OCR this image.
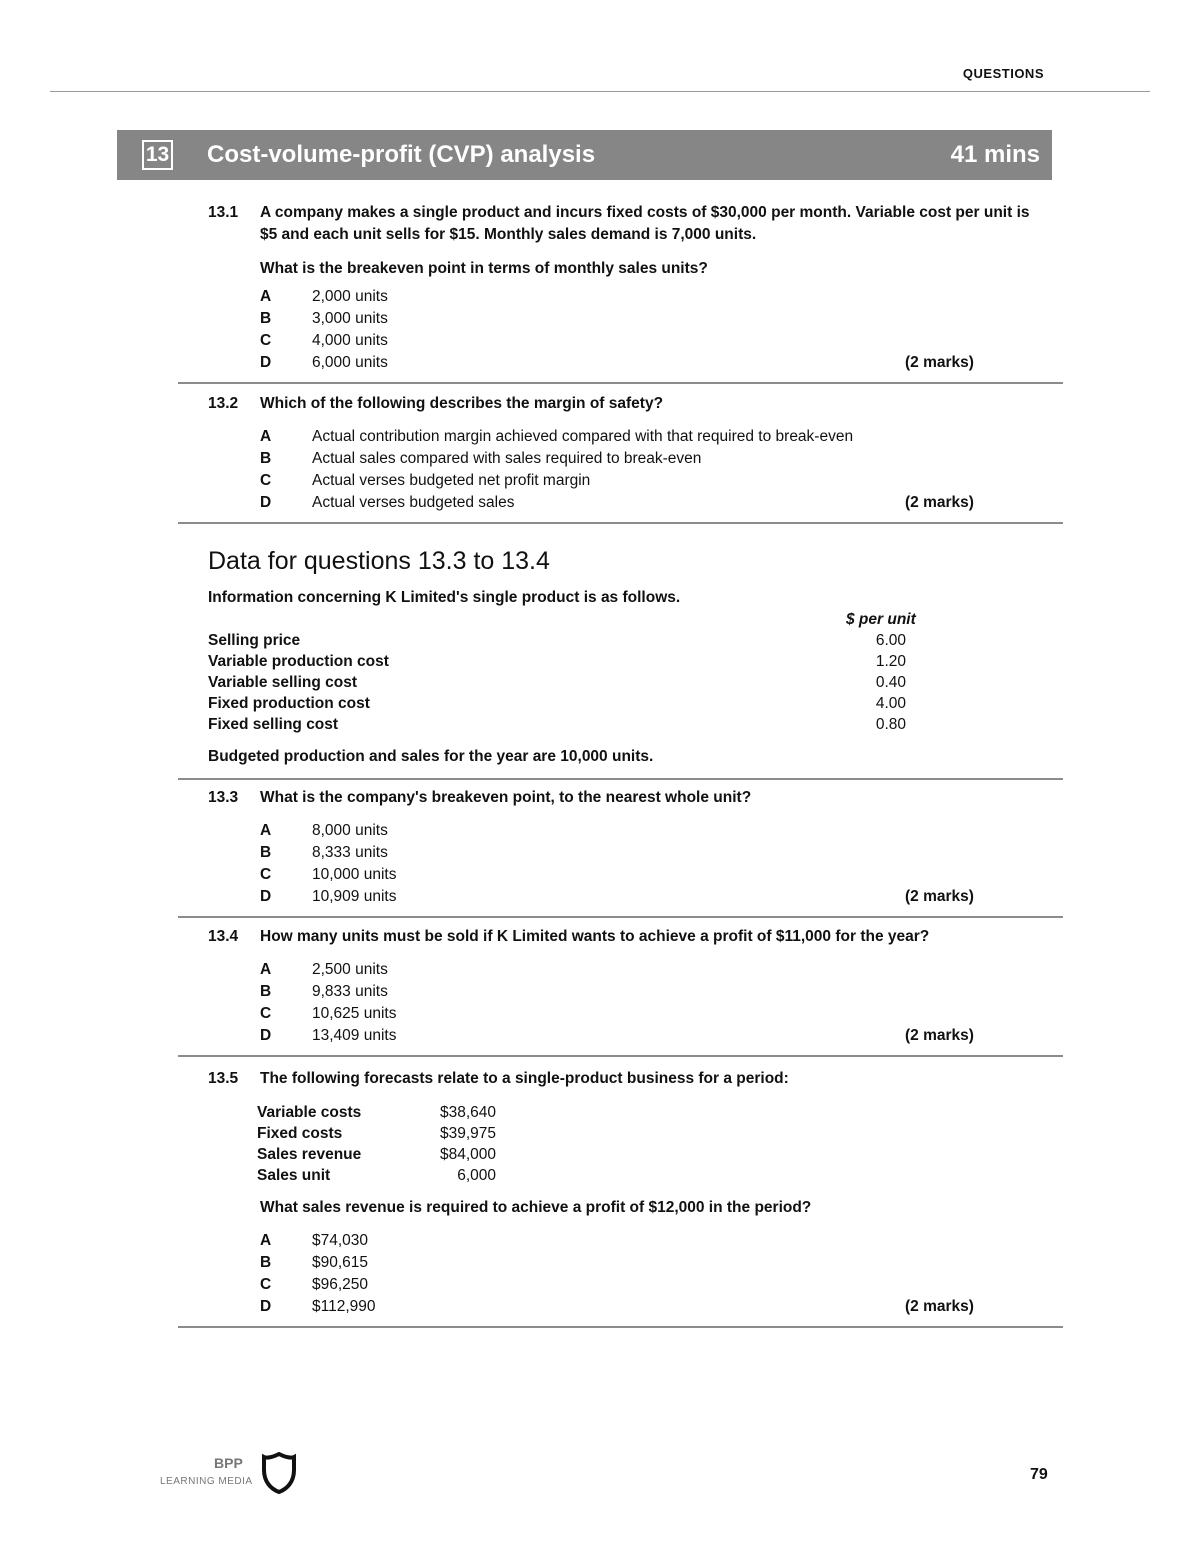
QUESTIONS
13 Cost-volume-profit (CVP) analysis	41 mins
13.1 A company makes a single product and incurs fixed costs of $30,000 per month. Variable cost per unit is $5 and each unit sells for $15. Monthly sales demand is 7,000 units.
What is the breakeven point in terms of monthly sales units?
A	2,000 units
B	3,000 units
C	4,000 units
D	6,000 units	(2 marks)
13.2 Which of the following describes the margin of safety?
A	Actual contribution margin achieved compared with that required to break-even
B	Actual sales compared with sales required to break-even
C	Actual verses budgeted net profit margin
D	Actual verses budgeted sales	(2 marks)
Data for questions 13.3 to 13.4
Information concerning K Limited's single product is as follows.
$ per unit
Selling price	6.00
Variable production cost	1.20
Variable selling cost	0.40
Fixed production cost	4.00
Fixed selling cost	0.80
Budgeted production and sales for the year are 10,000 units.
13.3 What is the company's breakeven point, to the nearest whole unit?
A	8,000 units
B	8,333 units
C	10,000 units
D	10,909 units	(2 marks)
13.4 How many units must be sold if K Limited wants to achieve a profit of $11,000 for the year?
A	2,500 units
B	9,833 units
C	10,625 units
D	13,409 units	(2 marks)
13.5 The following forecasts relate to a single-product business for a period:
Variable costs	$38,640
Fixed costs	$39,975
Sales revenue	$84,000
Sales unit	6,000
What sales revenue is required to achieve a profit of $12,000 in the period?
A	$74,030
B	$90,615
C	$96,250
D	$112,990	(2 marks)
BPP
LEARNING MEDIA	79
